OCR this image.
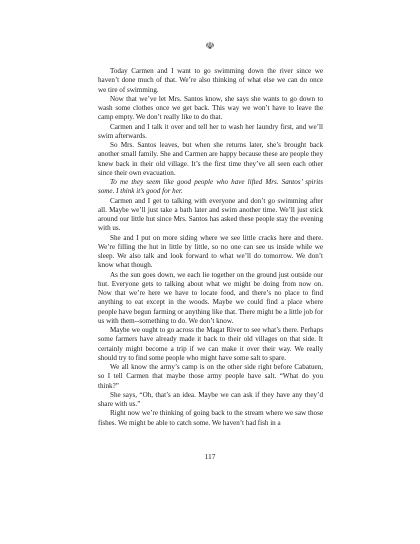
☫

Today Carmen and I want to go swimming down the river since we haven’t done much of that. We’re also thinking of what else we can do once we tire of swimming.

Now that we’ve let Mrs. Santos know, she says she wants to go down to wash some clothes once we get back. This way we won’t have to leave the camp empty. We don’t really like to do that.

Carmen and I talk it over and tell her to wash her laundry first, and we’ll swim afterwards.

So Mrs. Santos leaves, but when she returns later, she’s brought back another small family. She and Carmen are happy because these are people they knew back in their old village. It’s the first time they’ve all seen each other since their own evacuation.

To me they seem like good people who have lifted Mrs. Santos’ spirits some. I think it’s good for her.

Carmen and I get to talking with everyone and don’t go swimming after all. Maybe we’ll just take a bath later and swim another time. We’ll just stick around our little hut since Mrs. Santos has asked these people stay the evening with us.

She and I put on more siding where we see little cracks here and there. We’re filling the hut in little by little, so no one can see us inside while we sleep. We also talk and look forward to what we’ll do tomorrow. We don’t know what though.

As the sun goes down, we each lie together on the ground just outside our hut. Everyone gets to talking about what we might be doing from now on. Now that we’re here we have to locate food, and there’s no place to find anything to eat except in the woods. Maybe we could find a place where people have begun farming or anything like that. There might be a little job for us with them--something to do. We don’t know.

Maybe we ought to go across the Magat River to see what’s there. Perhaps some farmers have already made it back to their old villages on that side. It certainly might become a trip if we can make it over their way. We really should try to find some people who might have some salt to spare.

We all know the army’s camp is on the other side right before Cabatuen, so I tell Carmen that maybe those army people have salt. “What do you think?”

She says, “Oh, that’s an idea. Maybe we can ask if they have any they’d share with us.”

Right now we’re thinking of going back to the stream where we saw those fishes. We might be able to catch some. We haven’t had fish in a

117
